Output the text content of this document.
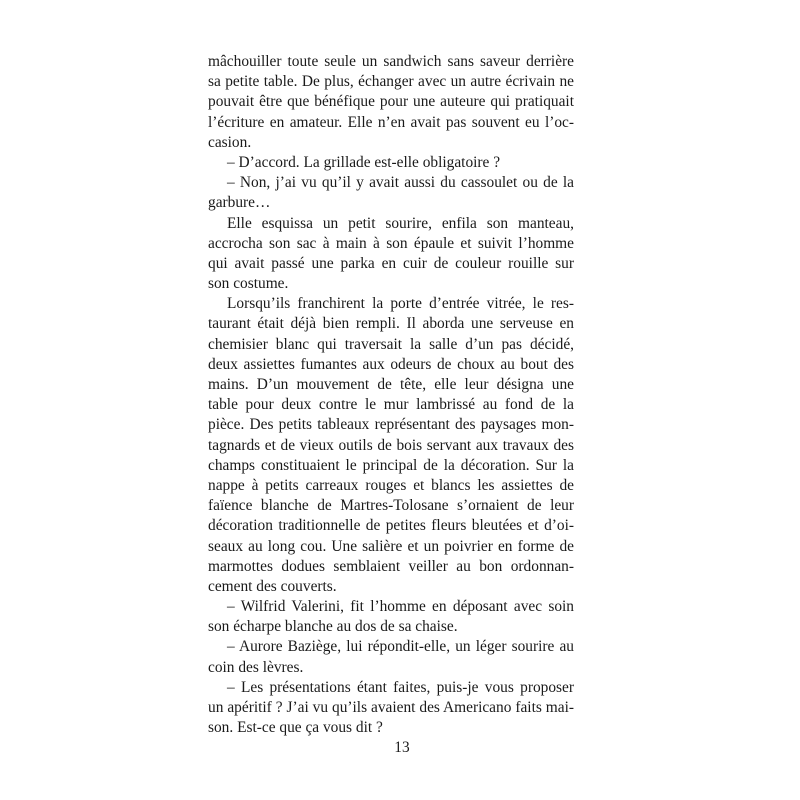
mâchouiller toute seule un sandwich sans saveur derrière
sa petite table. De plus, échanger avec un autre écrivain ne
pouvait être que bénéfique pour une auteure qui pratiquait
l’écriture en amateur. Elle n’en avait pas souvent eu l’oc-
casion.
– D’accord. La grillade est-elle obligatoire ?
– Non, j’ai vu qu’il y avait aussi du cassoulet ou de la
garbure…
Elle esquissa un petit sourire, enfila son manteau,
accrocha son sac à main à son épaule et suivit l’homme
qui avait passé une parka en cuir de couleur rouille sur
son costume.
Lorsqu’ils franchirent la porte d’entrée vitrée, le res-
taurant était déjà bien rempli. Il aborda une serveuse en
chemisier blanc qui traversait la salle d’un pas décidé,
deux assiettes fumantes aux odeurs de choux au bout des
mains. D’un mouvement de tête, elle leur désigna une
table pour deux contre le mur lambrissé au fond de la
pièce. Des petits tableaux représentant des paysages mon-
tagnards et de vieux outils de bois servant aux travaux des
champs constituaient le principal de la décoration. Sur la
nappe à petits carreaux rouges et blancs les assiettes de
faïence blanche de Martres-Tolosane s’ornaient de leur
décoration traditionnelle de petites fleurs bleutées et d’oi-
seaux au long cou. Une salière et un poivrier en forme de
marmottes dodues semblaient veiller au bon ordonnan-
cement des couverts.
– Wilfrid Valerini, fit l’homme en déposant avec soin
son écharpe blanche au dos de sa chaise.
– Aurore Baziège, lui répondit-elle, un léger sourire au
coin des lèvres.
– Les présentations étant faites, puis-je vous proposer
un apéritif ? J’ai vu qu’ils avaient des Americano faits mai-
son. Est-ce que ça vous dit ?
13
